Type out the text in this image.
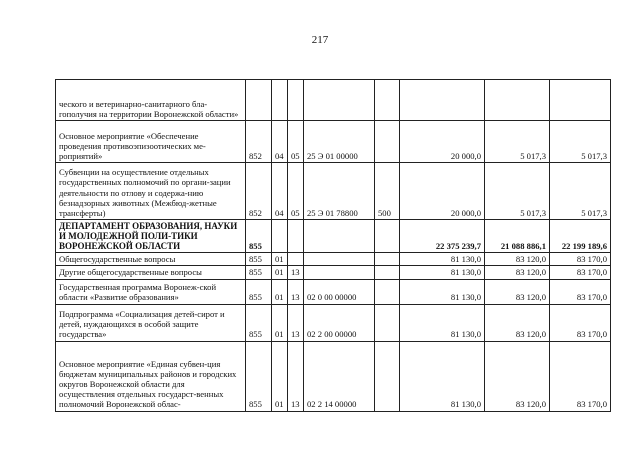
217
ческого и ветеринарно-санитарного бла-гополучия на территории Воронежской области»								
Основное мероприятие «Обеспечение проведения противоэпизоотических ме-роприятий»	852	04	05	25 Э 01 00000		20 000,0	5 017,3	5 017,3
Субвенции на осуществление отдельных государственных полномочий по органи-зации деятельности по отлову и содержа-нию безнадзорных животных (Межбюд-жетные трансферты)	852	04	05	25 Э 01 78800	500	20 000,0	5 017,3	5 017,3
ДЕПАРТАМЕНТ ОБРАЗОВАНИЯ, НАУКИ И МОЛОДЕЖНОЙ ПОЛИ-ТИКИ ВОРОНЕЖСКОЙ ОБЛАСТИ	855					22 375 239,7	21 088 886,1	22 199 189,6
Общегосударственные вопросы	855	01				81 130,0	83 120,0	83 170,0
Другие общегосударственные вопросы	855	01	13			81 130,0	83 120,0	83 170,0
Государственная программа Воронеж-ской области «Развитие образования»	855	01	13	02 0 00 00000		81 130,0	83 120,0	83 170,0
Подпрограмма «Социализация детей-сирот и детей, нуждающихся в особой защите государства»	855	01	13	02 2 00 00000		81 130,0	83 120,0	83 170,0
Основное мероприятие «Единая субвен-ция бюджетам муниципальных районов и городских округов Воронежской области для осуществления отдельных государст-венных полномочий Воронежской облас-	855	01	13	02 2 14 00000		81 130,0	83 120,0	83 170,0
